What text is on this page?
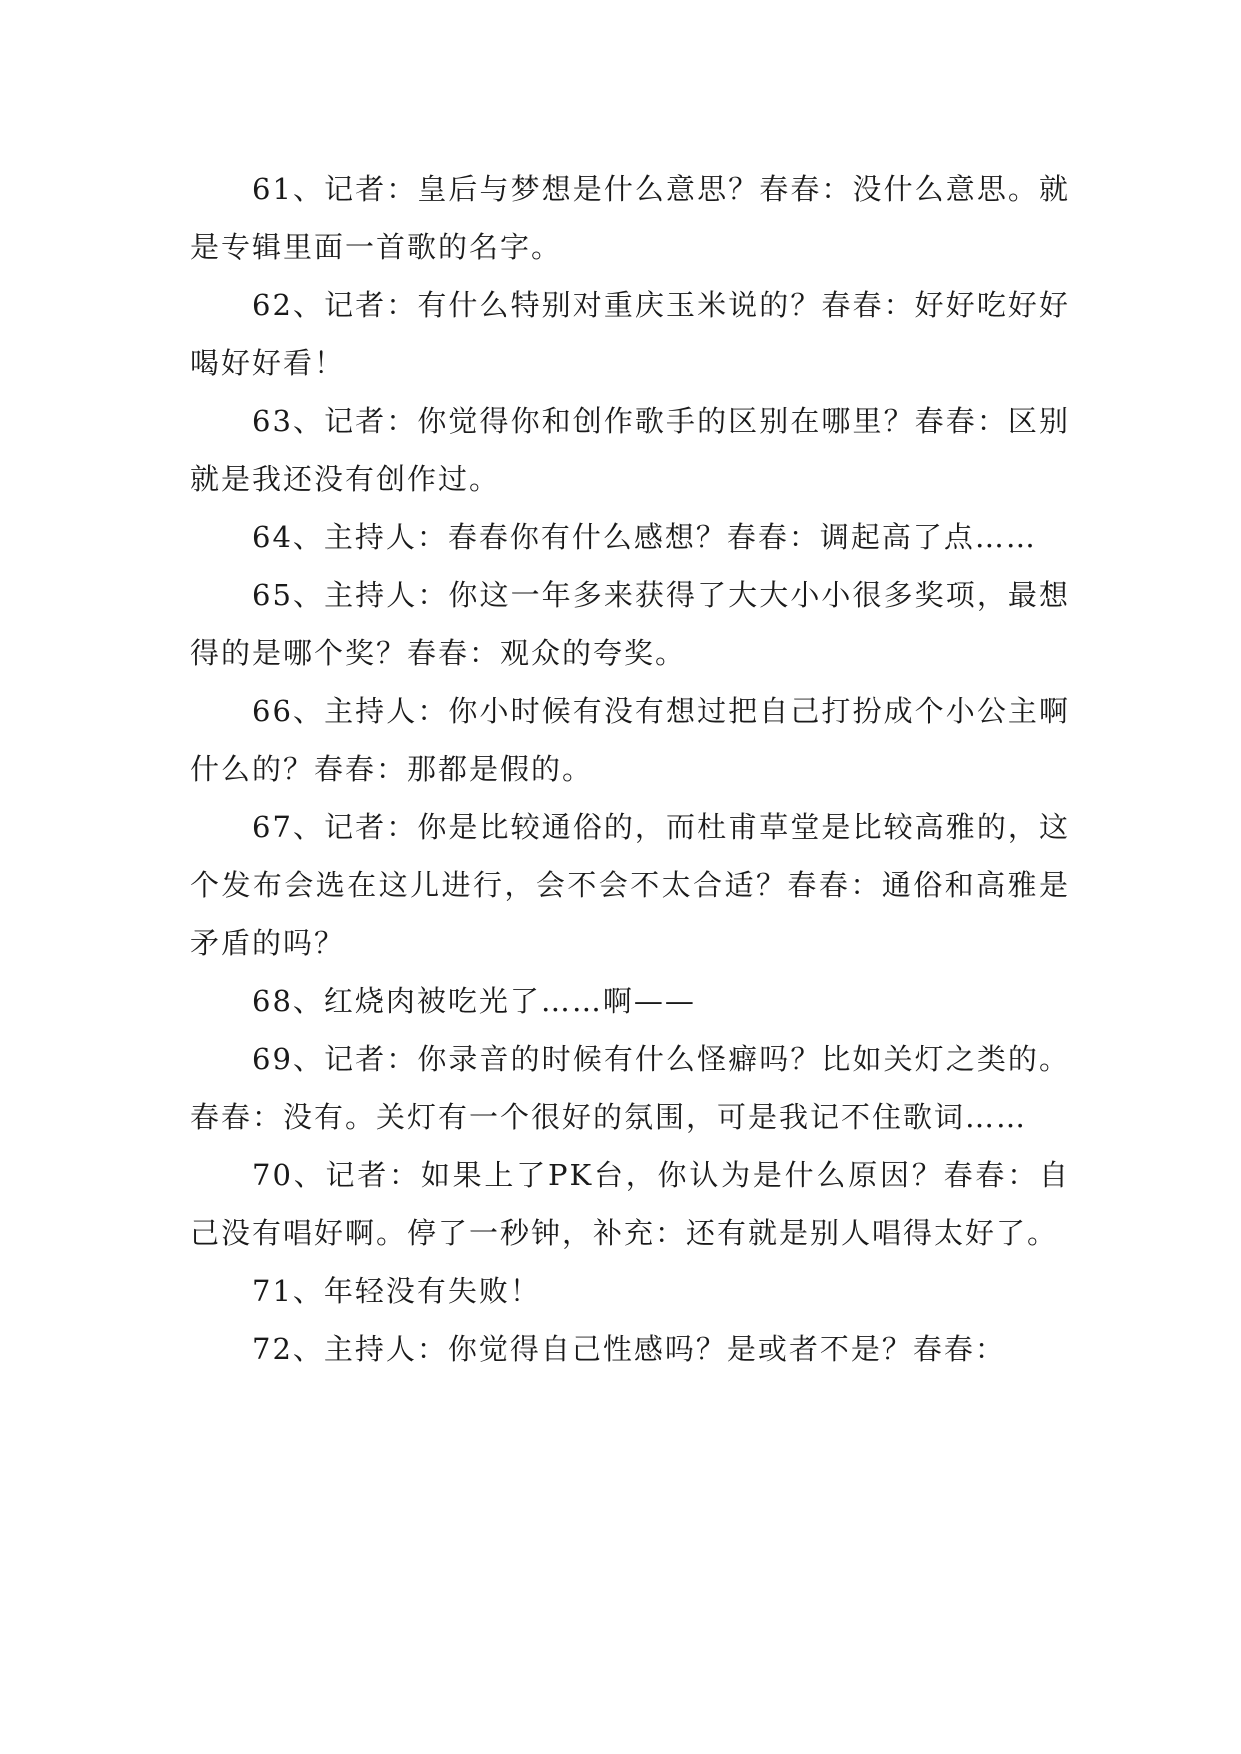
61、记者：皇后与梦想是什么意思？春春：没什么意思。就是专辑里面一首歌的名字。

62、记者：有什么特别对重庆玉米说的？春春：好好吃好好喝好好看！

63、记者：你觉得你和创作歌手的区别在哪里？春春：区别就是我还没有创作过。

64、主持人：春春你有什么感想？春春：调起高了点……

65、主持人：你这一年多来获得了大大小小很多奖项，最想得的是哪个奖？春春：观众的夸奖。

66、主持人：你小时候有没有想过把自己打扮成个小公主啊什么的？春春：那都是假的。

67、记者：你是比较通俗的，而杜甫草堂是比较高雅的，这个发布会选在这儿进行，会不会不太合适？春春：通俗和高雅是矛盾的吗？

68、红烧肉被吃光了……啊——

69、记者：你录音的时候有什么怪癖吗？比如关灯之类的。春春：没有。关灯有一个很好的氛围，可是我记不住歌词……

70、记者：如果上了PK台，你认为是什么原因？春春：自己没有唱好啊。停了一秒钟，补充：还有就是别人唱得太好了。

71、年轻没有失败！

72、主持人：你觉得自己性感吗？是或者不是？春春：
